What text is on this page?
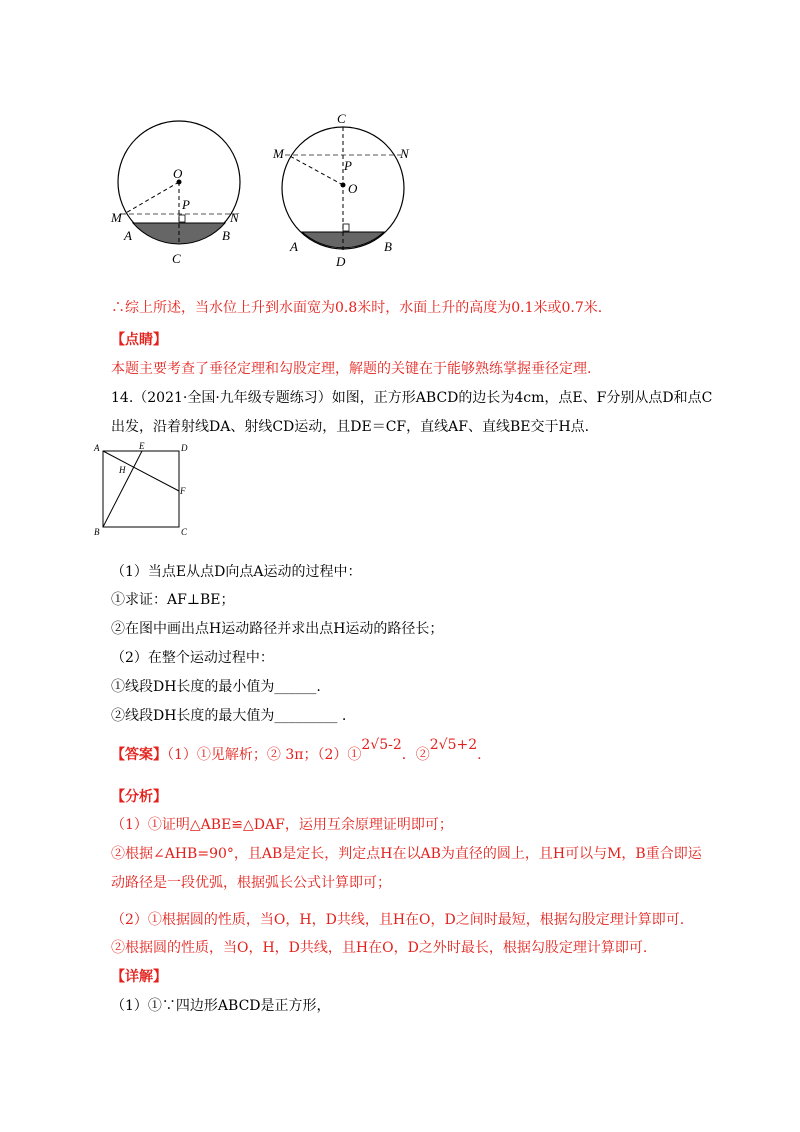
O
P
M	N
A	B
C
C
M	N
P
O
A	B
D
∴综上所述，当水位上升到水面宽为0.8米时，水面上升的高度为0.1米或0.7米.
【点睛】
本题主要考查了垂径定理和勾股定理，解题的关键在于能够熟练掌握垂径定理.
14.（2021·全国·九年级专题练习）如图，正方形ABCD的边长为4cm，点E、F分别从点D和点C
出发，沿着射线DA、射线CD运动，且DE＝CF，直线AF、直线BE交于H点.
A	E	D
H
F
B	C
（1）当点E从点D向点A运动的过程中：
①求证：AF⊥BE；
②在图中画出点H运动路径并求出点H运动的路径长；
（2）在整个运动过程中：
①线段DH长度的最小值为______.
②线段DH长度的最大值为_________ .
【答案】（1）①见解析；② 3π；（2）①2√5-2．②2√5+2.
【分析】
（1）①证明△ABE≌△DAF，运用互余原理证明即可；
②根据∠AHB=90°，且AB是定长，判定点H在以AB为直径的圆上，且H可以与M，B重合即运
动路径是一段优弧，根据弧长公式计算即可；
（2）①根据圆的性质，当O，H，D共线，且H在O，D之间时最短，根据勾股定理计算即可.
②根据圆的性质，当O，H，D共线，且H在O，D之外时最长，根据勾股定理计算即可.
【详解】
（1）①∵四边形ABCD是正方形，
